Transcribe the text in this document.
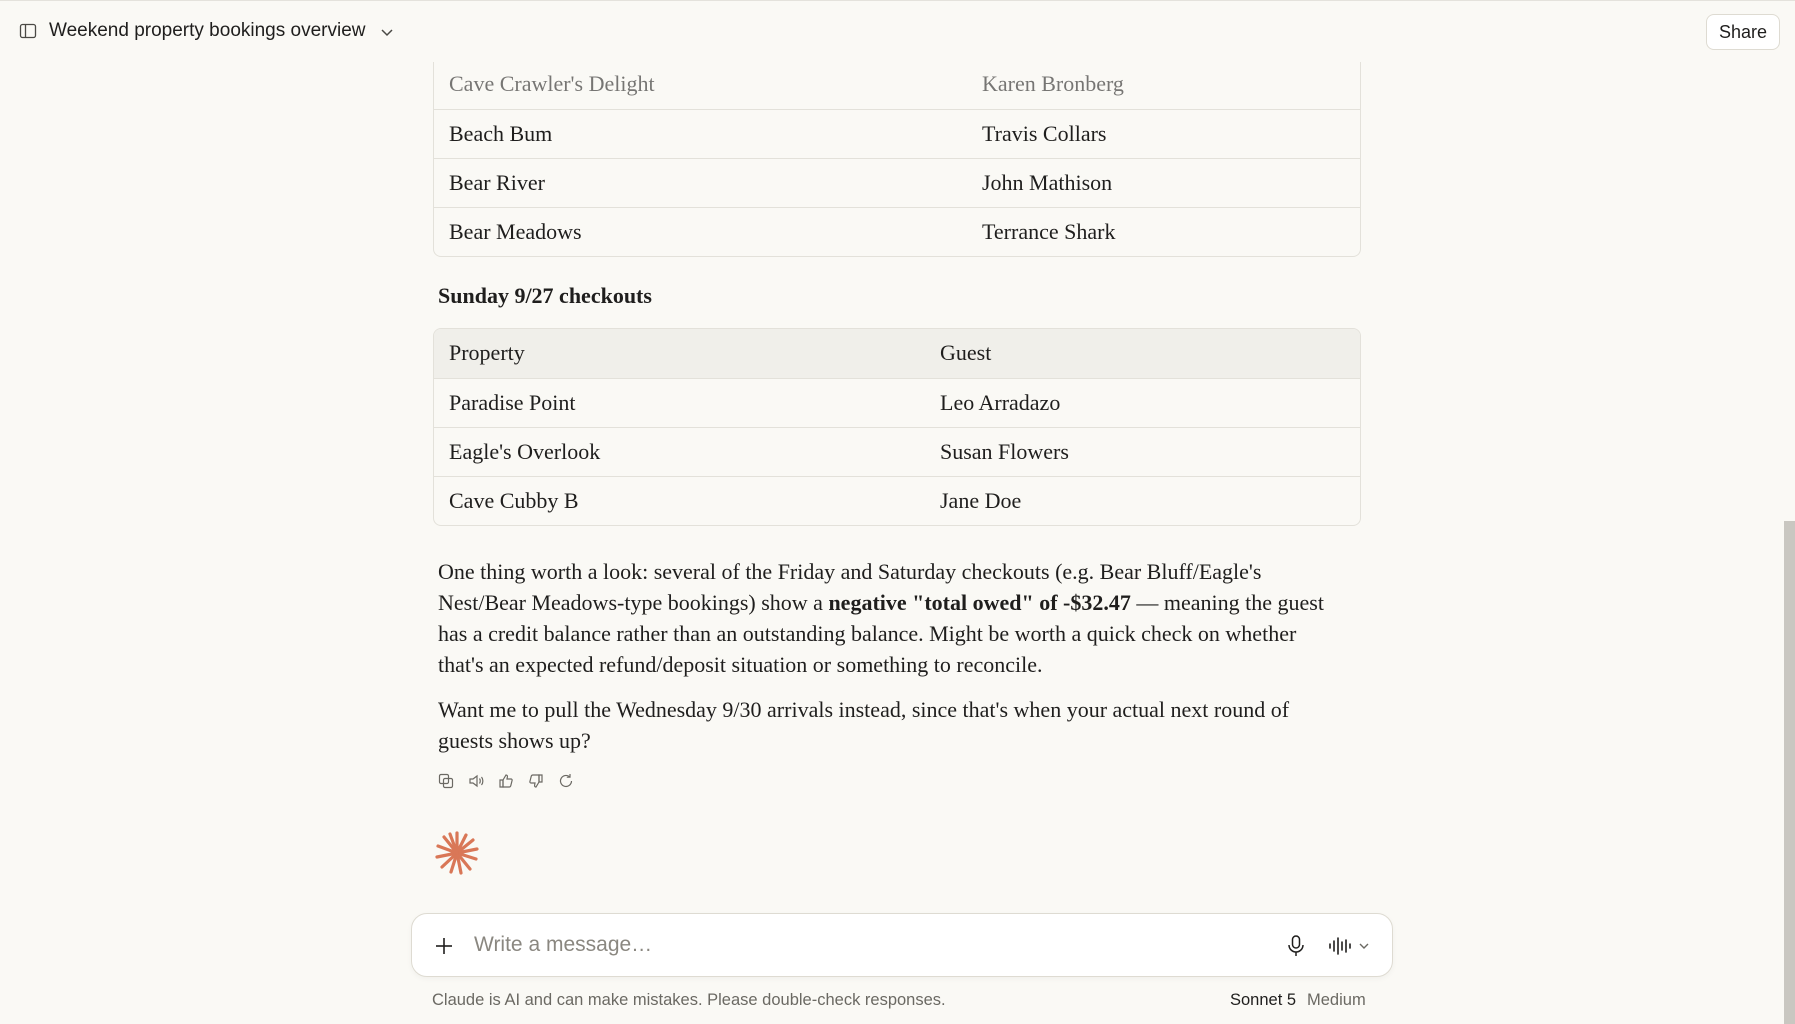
Cave Crawler's Delight	Karen Bronberg
Beach Bum	Travis Collars
Bear River	John Mathison
Bear Meadows	Terrance Shark
Sunday 9/27 checkouts
Property	Guest
Paradise Point	Leo Arradazo
Eagle's Overlook	Susan Flowers
Cave Cubby B	Jane Doe

One thing worth a look: several of the Friday and Saturday checkouts (e.g. Bear Bluff/Eagle's Nest/Bear Meadows-type bookings) show a negative "total owed" of -$32.47 — meaning the guest has a credit balance rather than an outstanding balance. Might be worth a quick check on whether that's an expected refund/deposit situation or something to reconcile.

Want me to pull the Wednesday 9/30 arrivals instead, since that's when your actual next round of guests shows up?

Weekend property bookings overview	Share
Write a message…
Claude is AI and can make mistakes. Please double-check responses.	Sonnet 5 Medium
